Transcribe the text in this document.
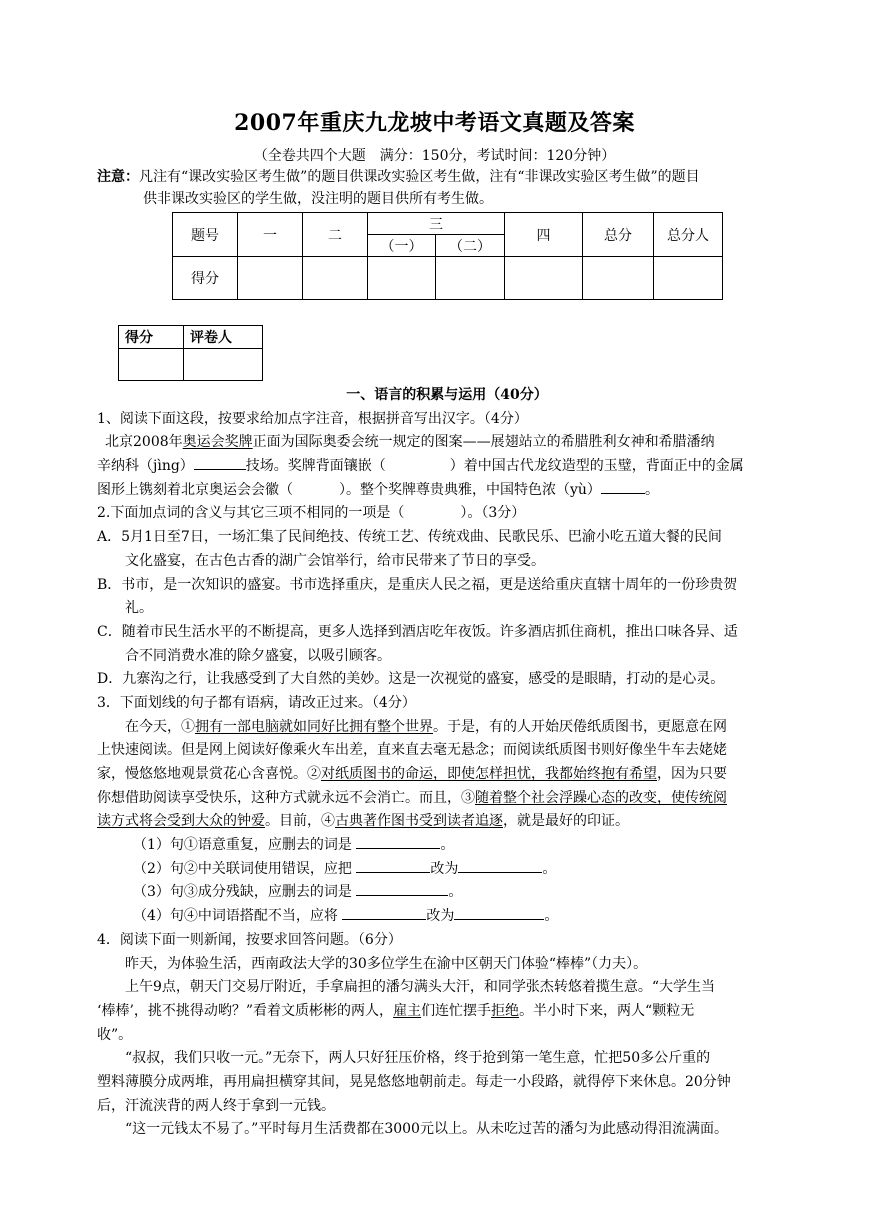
2007年重庆九龙坡中考语文真题及答案
（全卷共四个大题　满分：150分，考试时间：120分钟）
注意：凡注有“课改实验区考生做”的题目供课改实验区考生做，注有“非课改实验区考生做”的题目
供非课改实验区的学生做，没注明的题目供所有考生做。
题号	一	二	三		四	总分	总分人
			（一）	（二）			
得分							
得分	评卷人

一、语言的积累与运用（40分）
1、阅读下面这段，按要求给加点字注音，根据拼音写出汉字。（4分）
北京2008年奥运会奖牌正面为国际奥委会统一规定的图案——展翅站立的希腊胜利女神和希腊潘纳
辛纳科（jìng）	技场。奖牌背面镶嵌（	）着中国古代龙纹造型的玉璧，背面正中的金属
图形上镌刻着北京奥运会会徽（	）。整个奖牌尊贵典雅，中国特色浓（yù）	。
2.下面加点词的含义与其它三项不相同的一项是（　　　　）。（3分）
A．5月1日至7日，一场汇集了民间绝技、传统工艺、传统戏曲、民歌民乐、巴渝小吃五道大餐的民间
文化盛宴，在古色古香的湖广会馆举行，给市民带来了节日的享受。
B．书市，是一次知识的盛宴。书市选择重庆，是重庆人民之福，更是送给重庆直辖十周年的一份珍贵贺
礼。
C．随着市民生活水平的不断提高，更多人选择到酒店吃年夜饭。许多酒店抓住商机，推出口味各异、适
合不同消费水准的除夕盛宴，以吸引顾客。
D．九寨沟之行，让我感受到了大自然的美妙。这是一次视觉的盛宴，感受的是眼睛，打动的是心灵。
3．下面划线的句子都有语病，请改正过来。（4分）
在今天，①拥有一部电脑就如同好比拥有整个世界。于是，有的人开始厌倦纸质图书，更愿意在网
上快速阅读。但是网上阅读好像乘火车出差，直来直去毫无悬念；而阅读纸质图书则好像坐牛车去姥姥
家，慢悠悠地观景赏花心含喜悦。②对纸质图书的命运，即使怎样担忧，我都始终抱有希望，因为只要
你想借助阅读享受快乐，这种方式就永远不会消亡。而且，③随着整个社会浮躁心态的改变，使传统阅
读方式将会受到大众的钟爱。目前，④古典著作图书受到读者追逐，就是最好的印证。
（1）句①语意重复，应删去的词是	。
（2）句②中关联词使用错误，应把	改为	。
（3）句③成分残缺，应删去的词是	。
（4）句④中词语搭配不当，应将	改为	。
4．阅读下面一则新闻，按要求回答问题。（6分）
昨天，为体验生活，西南政法大学的30多位学生在渝中区朝天门体验“棒棒”（力夫）。
上午9点，朝天门交易厅附近，手拿扁担的潘匀满头大汗，和同学张杰转悠着揽生意。“大学生当
‘棒棒’，挑不挑得动哟？”看着文质彬彬的两人，雇主们连忙摆手拒绝。半小时下来，两人“颗粒无
收”。
“叔叔，我们只收一元。”无奈下，两人只好狂压价格，终于抢到第一笔生意，忙把50多公斤重的
塑料薄膜分成两堆，再用扁担横穿其间，晃晃悠悠地朝前走。每走一小段路，就得停下来休息。20分钟
后，汗流浃背的两人终于拿到一元钱。
“这一元钱太不易了。”平时每月生活费都在3000元以上。从未吃过苦的潘匀为此感动得泪流满面。
